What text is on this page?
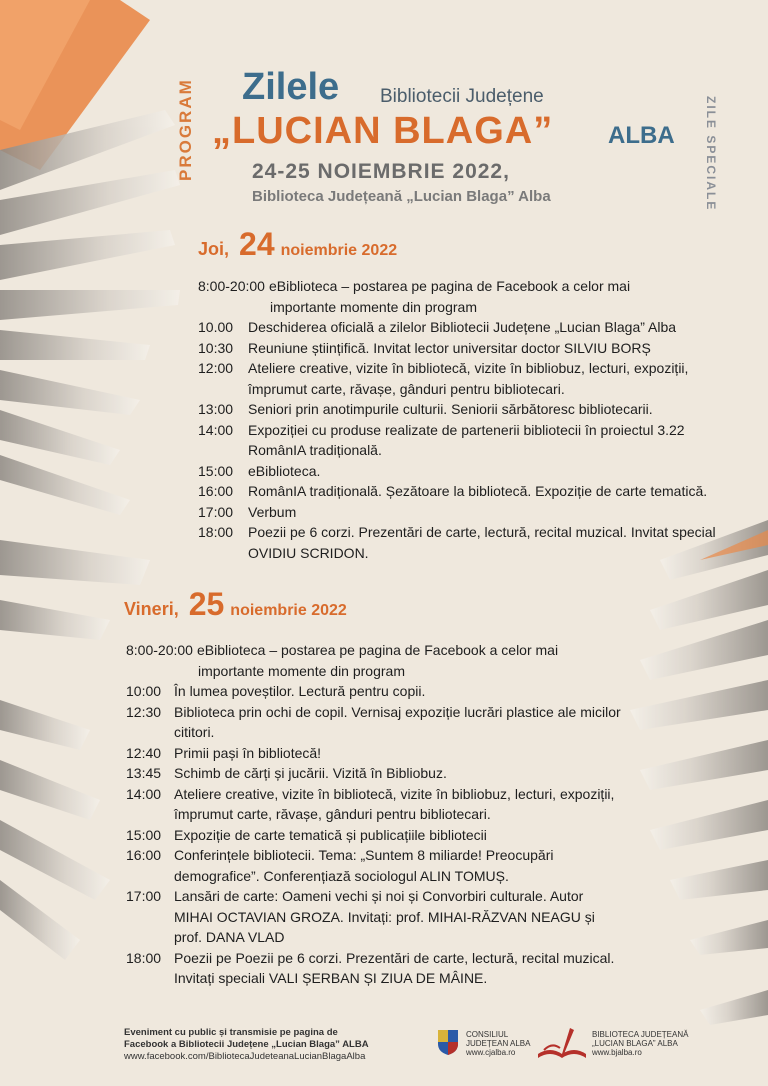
PROGRAM	ZILE SPECIALE
Zilele Bibliotecii Județene
„LUCIAN BLAGA” ALBA
24-25 NOIEMBRIE 2022,
Biblioteca Județeană „Lucian Blaga” Alba
Joi, 24 noiembrie 2022
8:00-20:00 eBiblioteca – postarea pe pagina de Facebook a celor mai
importante momente din program
10.00	Deschiderea oficială a zilelor Bibliotecii Județene „Lucian Blaga” Alba
10:30	Reuniune științifică. Invitat lector universitar doctor SILVIU BORȘ
12:00	Ateliere creative, vizite în bibliotecă, vizite în bibliobuz, lecturi, expoziții, împrumut carte, răvașe, gânduri pentru bibliotecari.
13:00	Seniori prin anotimpurile culturii. Seniorii sărbătoresc bibliotecarii.
14:00	Expoziției cu produse realizate de partenerii bibliotecii în proiectul 3.22 RomânIA tradițională.
15:00	eBiblioteca.
16:00	RomânIA tradițională. Șezătoare la bibliotecă. Expoziție de carte tematică.
17:00	Verbum
18:00	Poezii pe 6 corzi. Prezentări de carte, lectură, recital muzical. Invitat special OVIDIU SCRIDON.
Vineri, 25 noiembrie 2022
8:00-20:00 eBiblioteca – postarea pe pagina de Facebook a celor mai
importante momente din program
10:00 În lumea poveștilor. Lectură pentru copii.
12:30 Biblioteca prin ochi de copil. Vernisaj expoziție lucrări plastice ale micilor cititori.
12:40 Primii pași în bibliotecă!
13:45 Schimb de cărți și jucării. Vizită în Bibliobuz.
14:00 Ateliere creative, vizite în bibliotecă, vizite în bibliobuz, lecturi, expoziții, împrumut carte, răvașe, gânduri pentru bibliotecari.
15:00 Expoziție de carte tematică și publicațiile bibliotecii
16:00 Conferințele bibliotecii. Tema: „Suntem 8 miliarde! Preocupări demografice”. Conferențiază sociologul ALIN TOMUȘ.
17:00 Lansări de carte: Oameni vechi și noi și Convorbiri culturale. Autor MIHAI OCTAVIAN GROZA. Invitați: prof. MIHAI-RĂZVAN NEAGU și prof. DANA VLAD
18:00 Poezii pe Poezii pe 6 corzi. Prezentări de carte, lectură, recital muzical. Invitați speciali VALI ȘERBAN ȘI ZIUA DE MÂINE.
Eveniment cu public și transmisie pe pagina de
Facebook a Bibliotecii Județene „Lucian Blaga” ALBA
www.facebook.com/BibliotecaJudeteanaLucianBlagaAlba
CONSILIUL
JUDEȚEAN ALBA
www.cjalba.ro
BIBLIOTECA JUDEȚEANĂ
„LUCIAN BLAGA” ALBA
www.bjalba.ro
